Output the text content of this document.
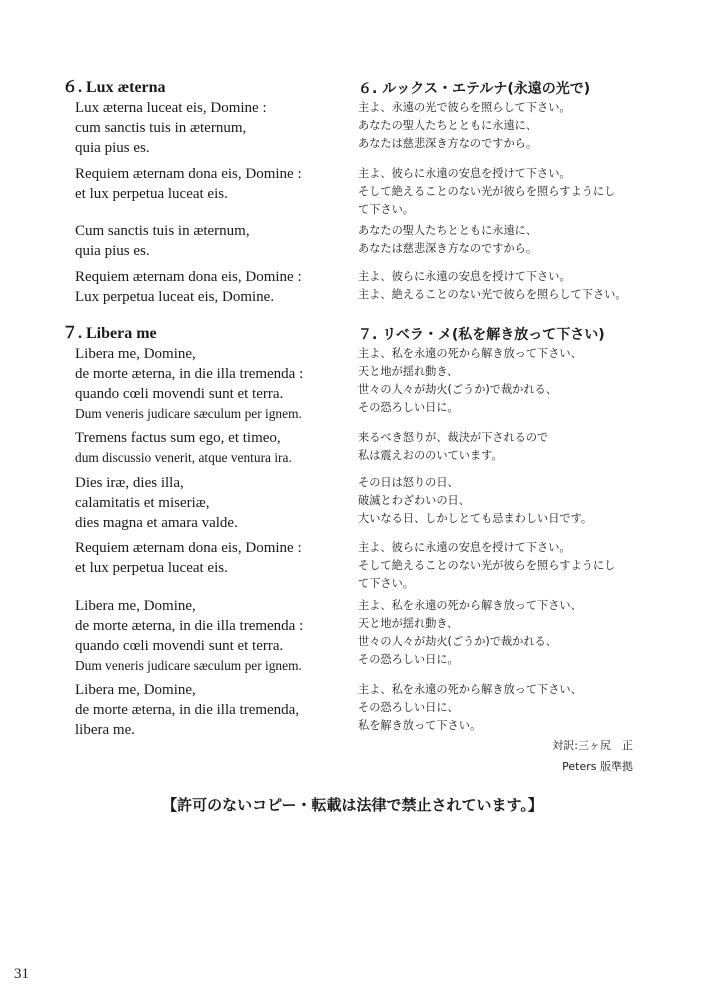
６. Lux æterna	６. ルックス・エテルナ(永遠の光で)
Lux æterna luceat eis, Domine :
cum sanctis tuis in æternum,
quia pius es.
主よ、永遠の光で彼らを照らして下さい。
あなたの聖人たちとともに永遠に、
あなたは慈悲深き方なのですから。
Requiem æternam dona eis, Domine :
et lux perpetua luceat eis.
主よ、彼らに永遠の安息を授けて下さい。
そして絶えることのない光が彼らを照らすようにし
て下さい。
Cum sanctis tuis in æternum,
quia pius es.
あなたの聖人たちとともに永遠に、
あなたは慈悲深き方なのですから。
Requiem æternam dona eis, Domine :
Lux perpetua luceat eis, Domine.
主よ、彼らに永遠の安息を授けて下さい。
主よ、絶えることのない光で彼らを照らして下さい。
７. Libera me	７. リベラ・メ(私を解き放って下さい)
Libera me, Domine,
de morte æterna, in die illa tremenda :
quando cœli movendi sunt et terra.
Dum veneris judicare sæculum per ignem.
主よ、私を永遠の死から解き放って下さい、
天と地が揺れ動き、
世々の人々が劫火(ごうか)で裁かれる、
その恐ろしい日に。
Tremens factus sum ego, et timeo,
dum discussio venerit, atque ventura ira.
来るべき怒りが、裁決が下されるので
私は震えおののいています。
Dies iræ, dies illa,
calamitatis et miseriæ,
dies magna et amara valde.
その日は怒りの日、
破滅とわざわいの日、
大いなる日、しかしとても忌まわしい日です。
Requiem æternam dona eis, Domine :
et lux perpetua luceat eis.
主よ、彼らに永遠の安息を授けて下さい。
そして絶えることのない光が彼らを照らすようにし
て下さい。
Libera me, Domine,
de morte æterna, in die illa tremenda :
quando cœli movendi sunt et terra.
Dum veneris judicare sæculum per ignem.
主よ、私を永遠の死から解き放って下さい、
天と地が揺れ動き、
世々の人々が劫火(ごうか)で裁かれる、
その恐ろしい日に。
Libera me, Domine,
de morte æterna, in die illa tremenda,
libera me.
主よ、私を永遠の死から解き放って下さい、
その恐ろしい日に、
私を解き放って下さい。
対訳:三ヶ尻　正
Peters 版準拠
【許可のないコピー・転載は法律で禁止されています。】
31
